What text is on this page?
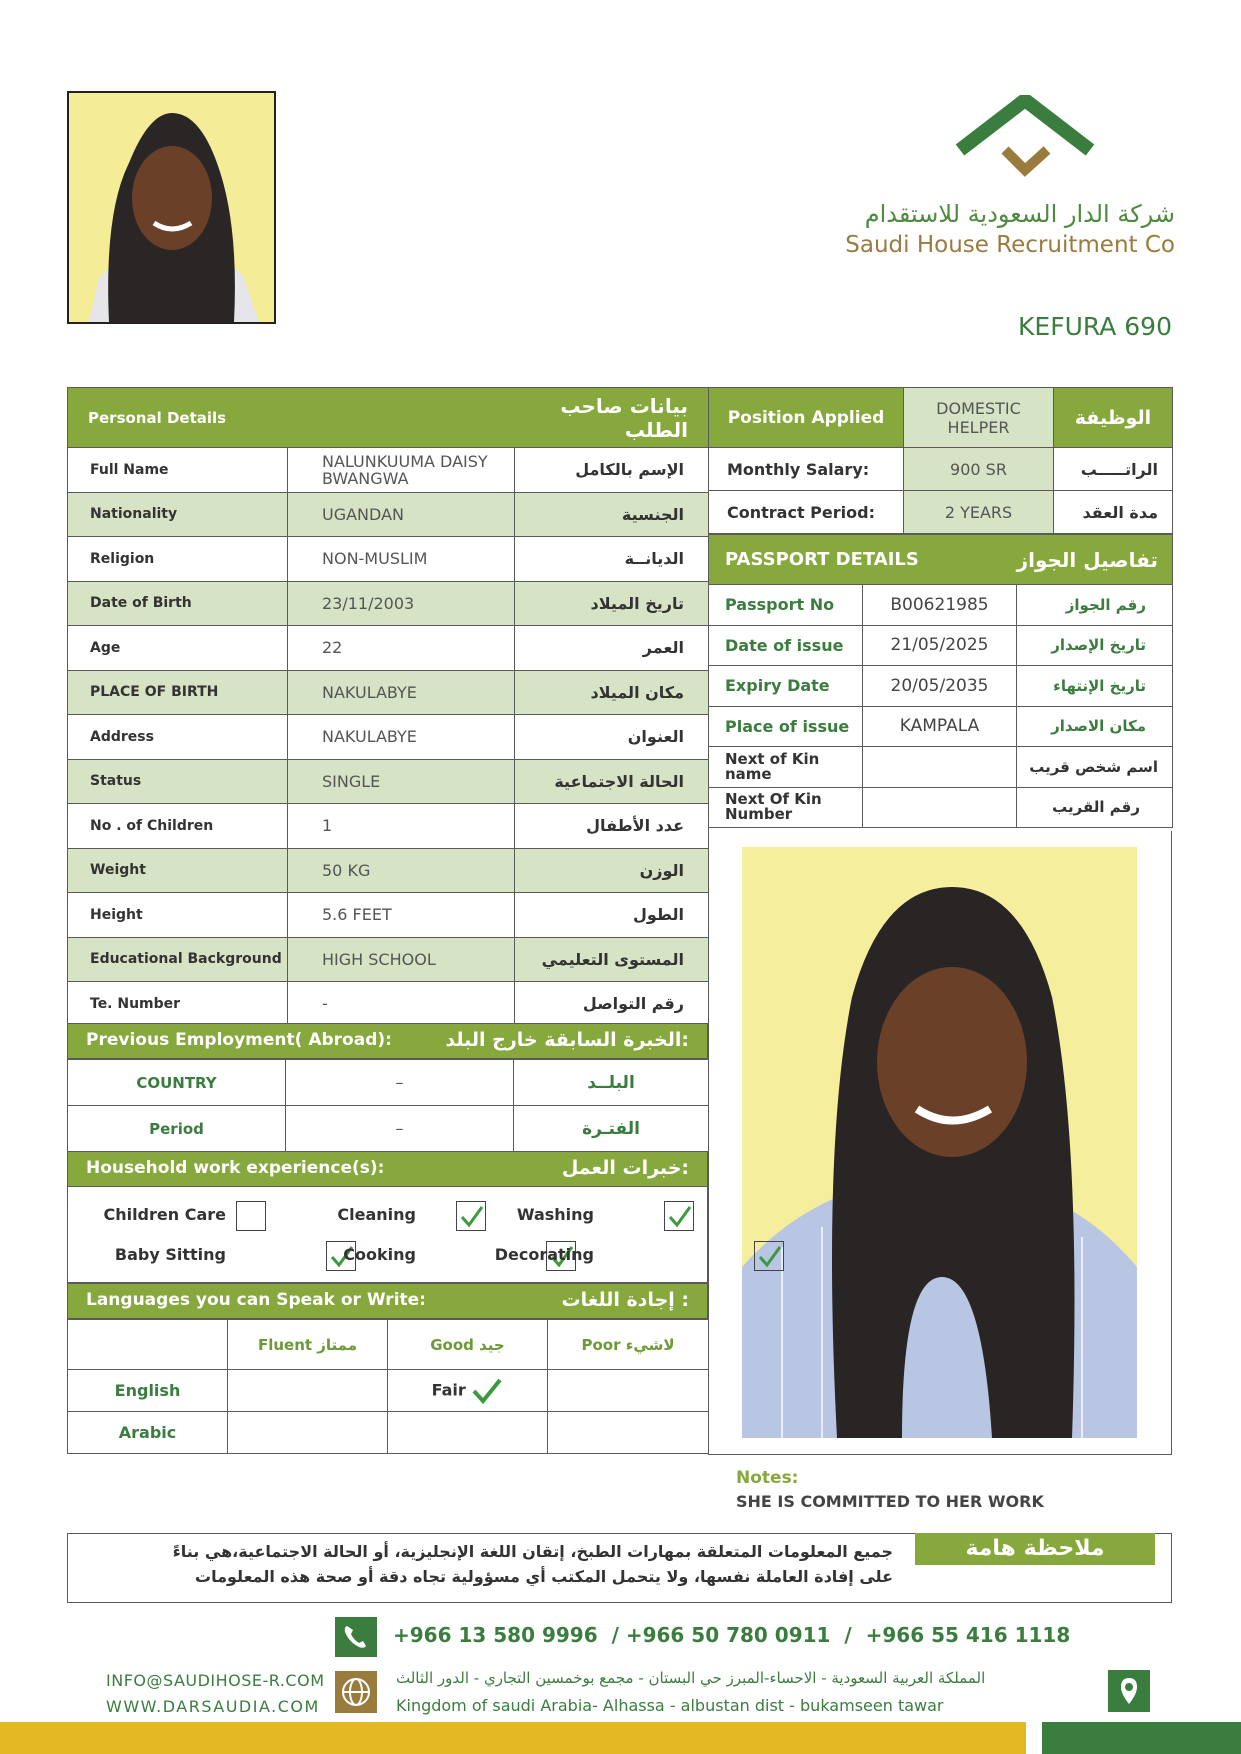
شركة الدار السعودية للاستقدام
Saudi House Recruitment Co
KEFURA 690
Personal Details		بيانات صاحب الطلب
Full Name	NALUNKUUMA DAISY BWANGWA	الإسم بالكامل
Nationality	UGANDAN	الجنسية
Religion	NON-MUSLIM	الديانــة
Date of Birth	23/11/2003	تاريخ الميلاد
Age	22	العمر
PLACE OF BIRTH	NAKULABYE	مكان الميلاد
Address	NAKULABYE	العنوان
Status	SINGLE	الحالة الاجتماعية
No . of Children	1	عدد الأطفال
Weight	50 KG	الوزن
Height	5.6 FEET	الطول
Educational Background	HIGH SCHOOL	المستوى التعليمي
Te. Number	-	رقم التواصل
Position Applied	DOMESTIC HELPER	الوظيفة
Monthly Salary:	900 SR	الراتـــــب
Contract Period:	2 YEARS	مدة العقد
PASSPORT DETAILS		تفاصيل الجواز
Passport No	B00621985	رقم الجواز
Date of issue	21/05/2025	تاريخ الإصدار
Expiry Date	20/05/2035	تاريخ الإنتهاء
Place of issue	KAMPALA	مكان الاصدار
Next of Kin name		اسم شخص قريب
Next Of Kin Number		رقم القريب
Previous Employment( Abroad):	الخبرة السابقة خارج البلد:
COUNTRY	–	البلــد
Period	–	الفتـرة
Household work experience(s):	خبرات العمل:
Children Care	Cleaning	Washing
Baby Sitting	Cooking	Decorating
Languages you can Speak or Write:	إجادة اللغات :
	Fluent ممتاز	Good جيد	Poor لاشيء
English		Fair	
Arabic			
Notes:
SHE IS COMMITTED TO HER WORK
ملاحظة هامة
جميع المعلومات المتعلقة بمهارات الطبخ، إتقان اللغة الإنجليزية، أو الحالة الاجتماعية،هي بناءً
على إفادة العاملة نفسها، ولا يتحمل المكتب أي مسؤولية تجاه دقة أو صحة هذه المعلومات
+966 13 580 9996  / +966 50 780 0911  /  +966 55 416 1118
INFO@SAUDIHOSE-R.COM
WWW.DARSAUDIA.COM
المملكة العربية السعودية - الاحساء-المبرز حي البستان - مجمع بوخمسين التجاري - الدور الثالث
Kingdom of saudi Arabia- Alhassa - albustan dist - bukamseen tawar
